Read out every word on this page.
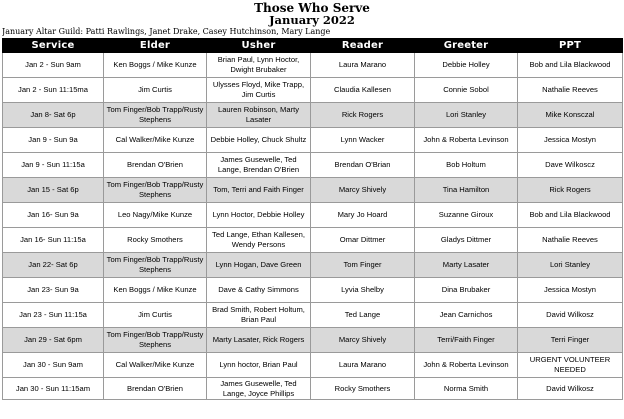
Those Who Serve
January 2022
January Altar Guild: Patti Rawlings, Janet Drake, Casey Hutchinson, Mary Lange
Service	Elder	Usher	Reader	Greeter	PPT
Jan 2 - Sun 9am	Ken Boggs / Mike Kunze	Brian Paul, Lynn Hoctor, Dwight Brubaker	Laura Marano	Debbie Holley	Bob and Lila Blackwood
Jan 2 - Sun 11:15ma	Jim Curtis	Ulysses Floyd, Mike Trapp, Jim Curtis	Claudia Kallesen	Connie Sobol	Nathalie Reeves
Jan 8- Sat 6p	Tom Finger/Bob Trapp/Rusty Stephens	Lauren Robinson, Marty Lasater	Rick Rogers	Lori Stanley	Mike Konsczal
Jan 9 - Sun 9a	Cal Walker/Mike Kunze	Debbie Holley, Chuck Shultz	Lynn Wacker	John & Roberta Levinson	Jessica Mostyn
Jan 9 - Sun 11:15a	Brendan O'Brien	James Gusewelle, Ted Lange, Brendan O'Brien	Brendan O'Brian	Bob Holtum	Dave Wilkoscz
Jan 15 - Sat 6p	Tom Finger/Bob Trapp/Rusty Stephens	Tom, Terri and Faith Finger	Marcy Shively	Tina Hamilton	Rick Rogers
Jan 16- Sun 9a	Leo Nagy/Mike Kunze	Lynn Hoctor, Debbie Holley	Mary Jo Hoard	Suzanne Giroux	Bob and Lila Blackwood
Jan 16- Sun 11:15a	Rocky Smothers	Ted Lange, Ethan Kallesen, Wendy Persons	Omar Dittmer	Gladys Dittmer	Nathalie Reeves
Jan 22- Sat 6p	Tom Finger/Bob Trapp/Rusty Stephens	Lynn Hogan, Dave Green	Tom Finger	Marty Lasater	Lori Stanley
Jan 23- Sun 9a	Ken Boggs / Mike Kunze	Dave & Cathy Simmons	Lyvia Shelby	Dina Brubaker	Jessica Mostyn
Jan 23 - Sun 11:15a	Jim Curtis	Brad Smith, Robert Holtum, Brian Paul	Ted Lange	Jean Carnichos	David Wilkosz
Jan 29 - Sat 6pm	Tom Finger/Bob Trapp/Rusty Stephens	Marty Lasater, Rick Rogers	Marcy Shively	Terri/Faith Finger	Terri Finger
Jan 30 - Sun 9am	Cal Walker/Mike Kunze	Lynn hoctor, Brian Paul	Laura Marano	John & Roberta Levinson	URGENT VOLUNTEER NEEDED
Jan 30 - Sun 11:15am	Brendan O'Brien	James Gusewelle, Ted Lange, Joyce Phillips	Rocky Smothers	Norma Smith	David Wilkosz
